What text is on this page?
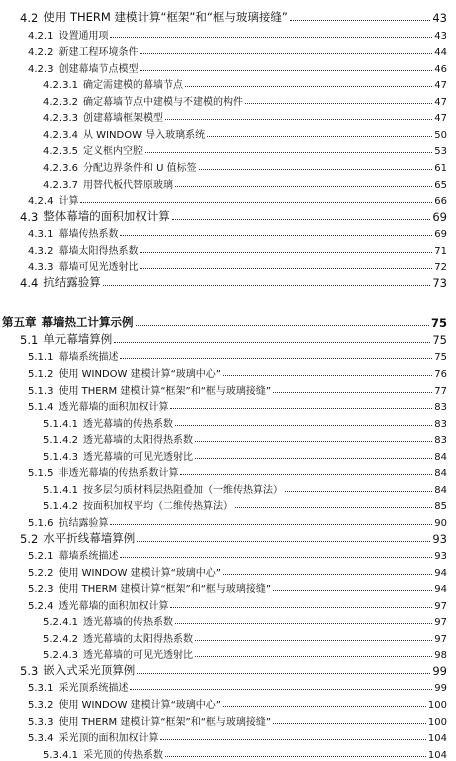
4.2 使用 THERM 建模计算“框架”和“框与玻璃接缝”	43
4.2.1 设置通用项	43
4.2.2 新建工程环境条件	44
4.2.3 创建幕墙节点模型	46
4.2.3.1 确定需建模的幕墙节点	47
4.2.3.2 确定幕墙节点中建模与不建模的构件	47
4.2.3.3 创建幕墙框架模型	47
4.2.3.4 从 WINDOW 导入玻璃系统	50
4.2.3.5 定义框内空腔	53
4.2.3.6 分配边界条件和 U 值标签	61
4.2.3.7 用替代板代替原玻璃	65
4.2.4 计算	66
4.3 整体幕墙的面积加权计算	69
4.3.1 幕墙传热系数	69
4.3.2 幕墙太阳得热系数	71
4.3.3 幕墙可见光透射比	72
4.4 抗结露验算	73
第五章 幕墙热工计算示例	75
5.1 单元幕墙算例	75
5.1.1 幕墙系统描述	75
5.1.2 使用 WINDOW 建模计算“玻璃中心”	76
5.1.3 使用 THERM 建模计算“框架”和“框与玻璃接缝”	77
5.1.4 透光幕墙的面积加权计算	83
5.1.4.1 透光幕墙的传热系数	83
5.1.4.2 透光幕墙的太阳得热系数	83
5.1.4.3 透光幕墙的可见光透射比	84
5.1.5 非透光幕墙的传热系数计算	84
5.1.4.1 按多层匀质材料层热阻叠加（一维传热算法）	84
5.1.4.2 按面积加权平均（二维传热算法）	85
5.1.6 抗结露验算	90
5.2 水平折线幕墙算例	93
5.2.1 幕墙系统描述	93
5.2.2 使用 WINDOW 建模计算“玻璃中心”	94
5.2.3 使用 THERM 建模计算“框架”和“框与玻璃接缝”	94
5.2.4 透光幕墙的面积加权计算	97
5.2.4.1 透光幕墙的传热系数	97
5.2.4.2 透光幕墙的太阳得热系数	97
5.2.4.3 透光幕墙的可见光透射比	98
5.3 嵌入式采光顶算例	99
5.3.1 采光顶系统描述	99
5.3.2 使用 WINDOW 建模计算“玻璃中心”	100
5.3.3 使用 THERM 建模计算“框架”和“框与玻璃接缝”	100
5.3.4 采光顶的面积加权计算	104
5.3.4.1 采光顶的传热系数	104
